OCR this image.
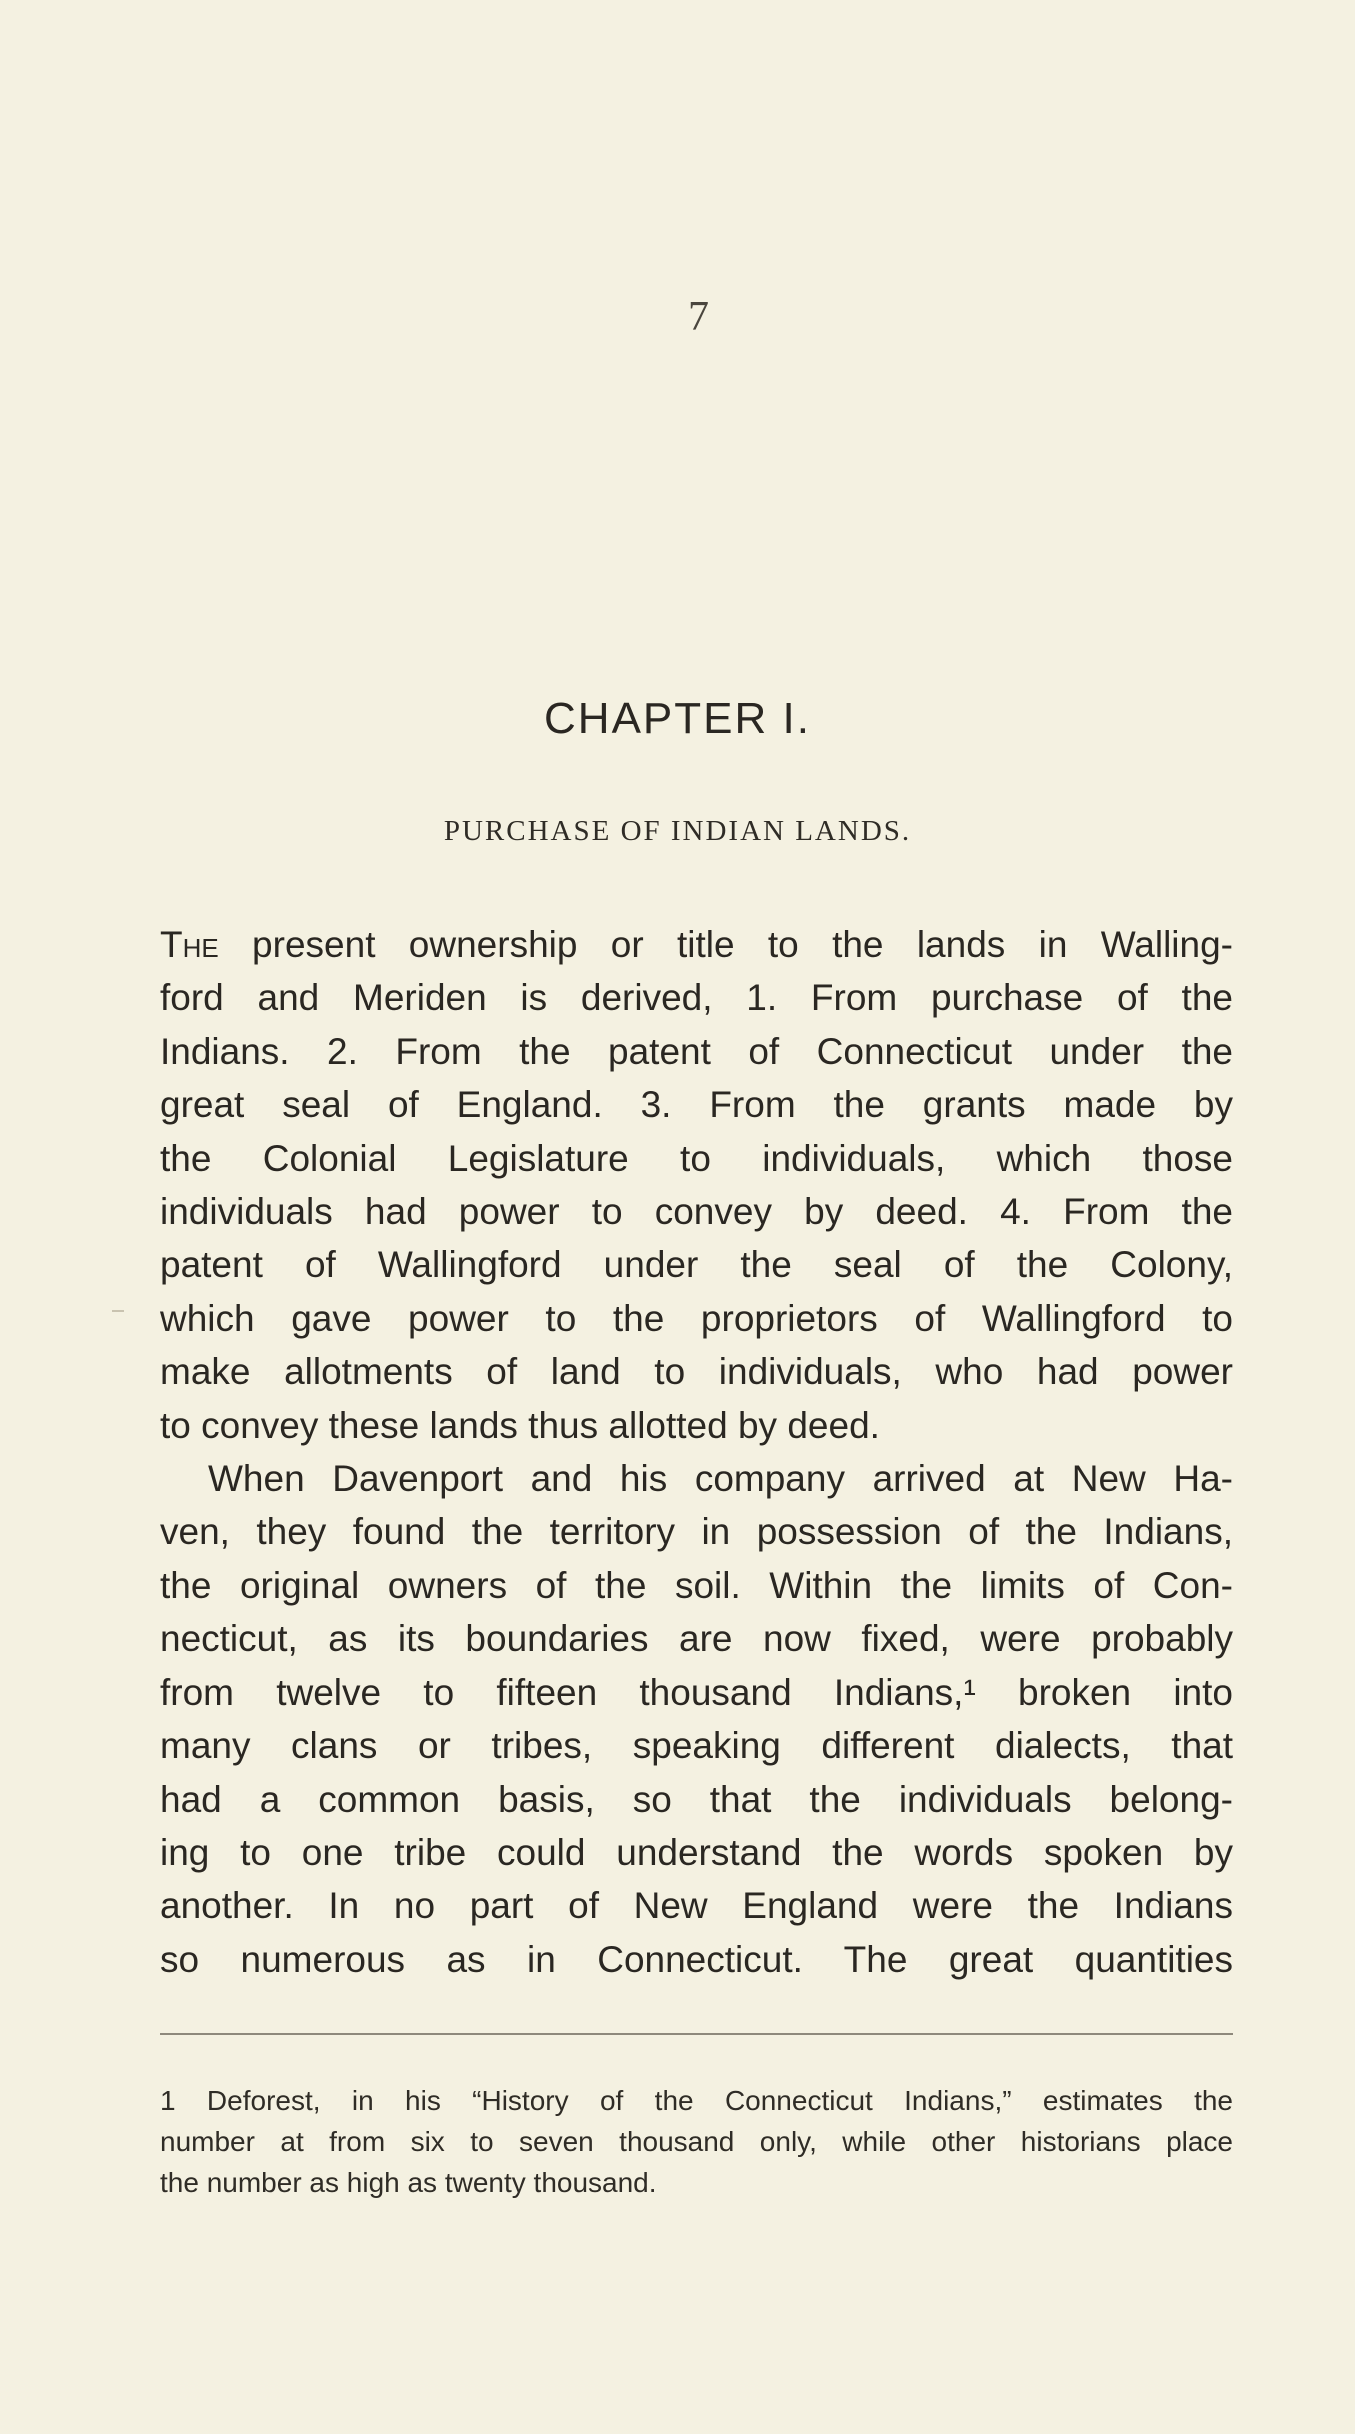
7
CHAPTER I.
PURCHASE OF INDIAN LANDS.
The present ownership or title to the lands in Walling-
ford and Meriden is derived, 1. From purchase of the
Indians. 2. From the patent of Connecticut under the
great seal of England. 3. From the grants made by
the Colonial Legislature to individuals, which those
individuals had power to convey by deed. 4. From the
patent of Wallingford under the seal of the Colony,
which gave power to the proprietors of Wallingford to
make allotments of land to individuals, who had power
to convey these lands thus allotted by deed.
When Davenport and his company arrived at New Ha-
ven, they found the territory in possession of the Indians,
the original owners of the soil. Within the limits of Con-
necticut, as its boundaries are now fixed, were probably
from twelve to fifteen thousand Indians,¹ broken into
many clans or tribes, speaking different dialects, that
had a common basis, so that the individuals belong-
ing to one tribe could understand the words spoken by
another. In no part of New England were the Indians
so numerous as in Connecticut. The great quantities
1 Deforest, in his “History of the Connecticut Indians,” estimates the
number at from six to seven thousand only, while other historians place
the number as high as twenty thousand.
